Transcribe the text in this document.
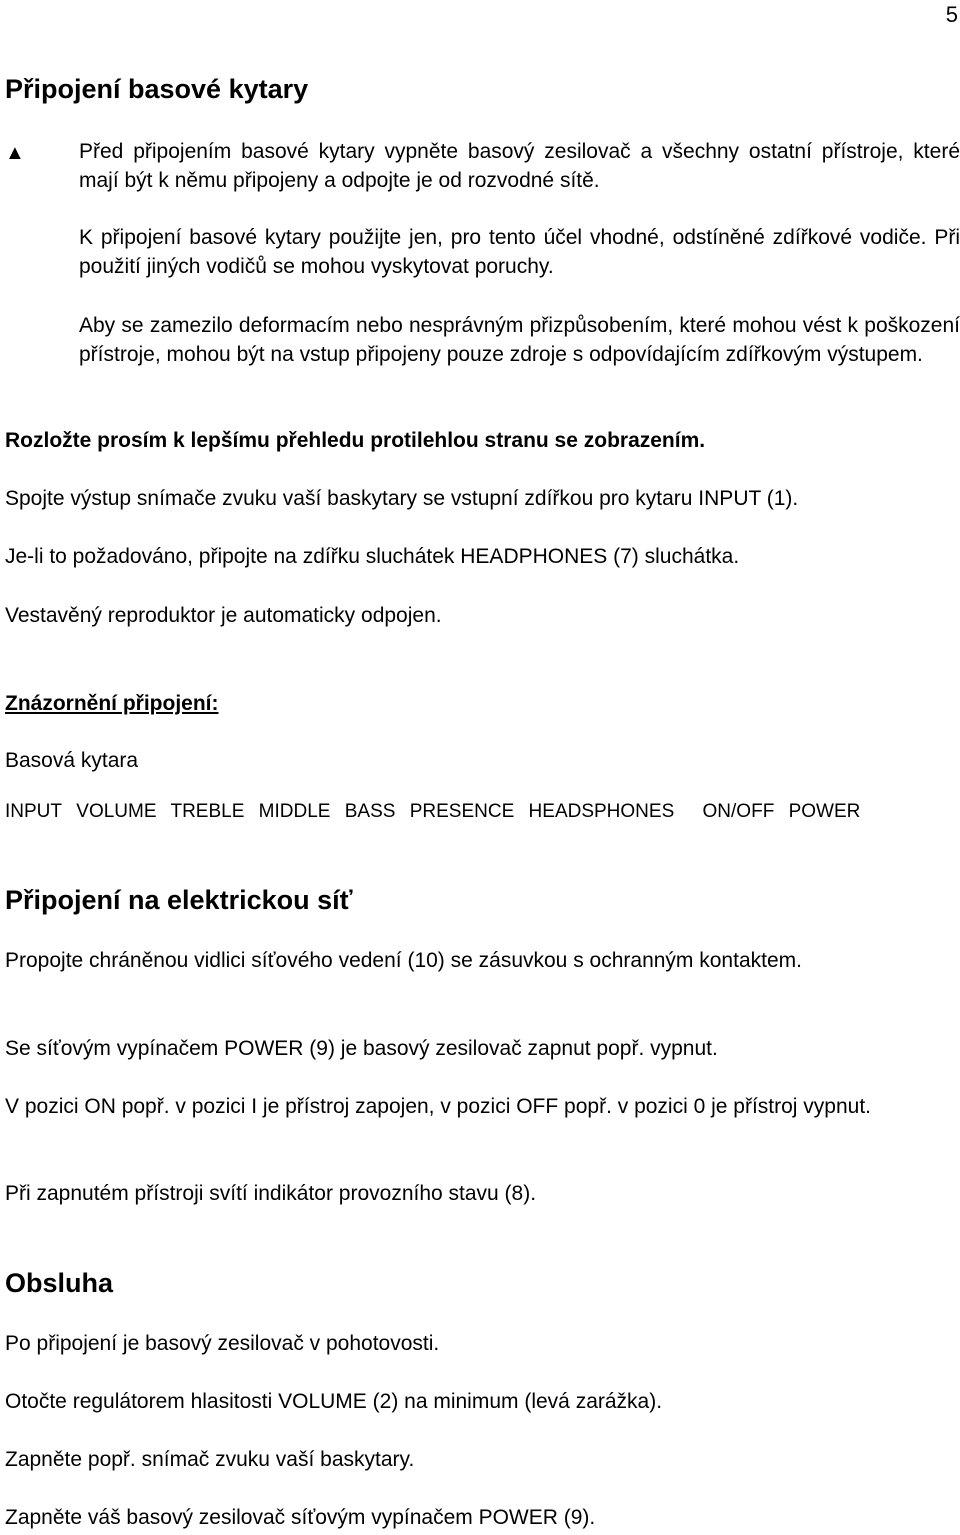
5
Připojení basové kytary
▲	Před připojením basové kytary vypněte basový zesilovač a všechny ostatní přístroje, které mají být k němu připojeny a odpojte je od rozvodné sítě.

K připojení basové kytary použijte jen, pro tento účel vhodné, odstíněné zdířkové vodiče. Při použití jiných vodičů se mohou vyskytovat poruchy.

Aby se zamezilo deformacím nebo nesprávným přizpůsobením, které mohou vést k poškození přístroje, mohou být na vstup připojeny pouze zdroje s odpovídajícím zdířkovým výstupem.

Rozložte prosím k lepšímu přehledu protilehlou stranu se zobrazením.

Spojte výstup snímače zvuku vaší baskytary se vstupní zdířkou pro kytaru INPUT (1).

Je-li to požadováno, připojte na zdířku sluchátek HEADPHONES (7) sluchátka.

Vestavěný reproduktor je automaticky odpojen.

Znázornění připojení:

Basová kytara

INPUT VOLUME TREBLE MIDDLE BASS PRESENCE HEADSPHONES ON/OFF POWER
Připojení na elektrickou síť

Propojte chráněnou vidlici síťového vedení (10) se zásuvkou s ochranným kontaktem.

Se síťovým vypínačem POWER (9) je basový zesilovač zapnut popř. vypnut.

V pozici ON popř. v pozici I je přístroj zapojen, v pozici OFF popř. v pozici 0 je přístroj vypnut.

Při zapnutém přístroji svítí indikátor provozního stavu (8).

Obsluha

Po připojení je basový zesilovač v pohotovosti.

Otočte regulátorem hlasitosti VOLUME (2) na minimum (levá zarážka).

Zapněte popř. snímač zvuku vaší baskytary.

Zapněte váš basový zesilovač síťovým vypínačem POWER (9).
